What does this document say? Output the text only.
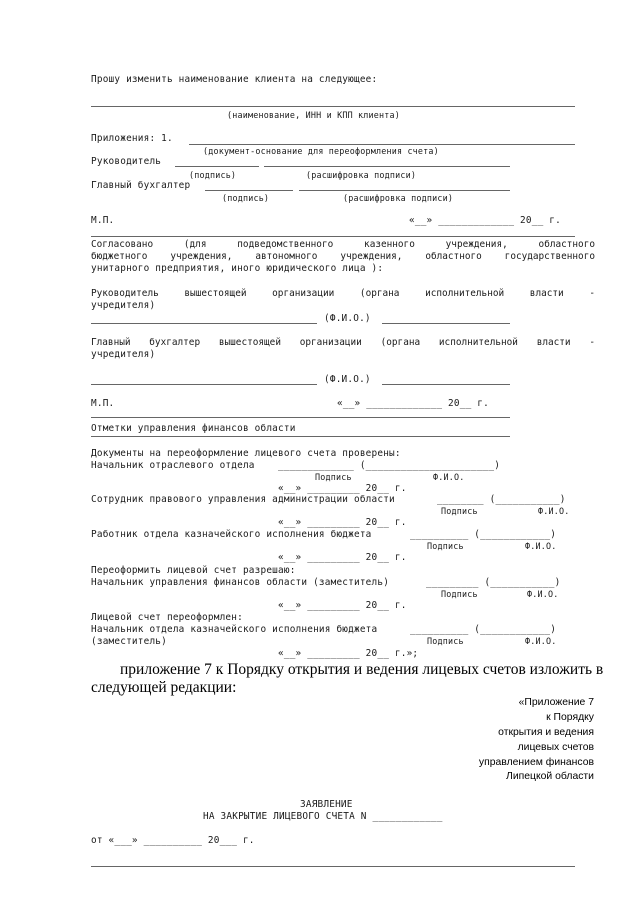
Прошу изменить наименование клиента на следующее:
(наименование, ИНН и КПП клиента)
Приложения: 1.
(документ-основание для переоформления счета)
Руководитель
(подпись)	(расшифровка подписи)
Главный бухгалтер
(подпись)	(расшифровка подписи)
М.П.	«__» _____________ 20__ г.
Согласовано (для подведомственного казенного учреждения, областного
бюджетного учреждения, автономного учреждения, областного государственного
унитарного предприятия, иного юридического лица ):
Руководитель вышестоящей организации (органа исполнительной власти -
учредителя)
(Ф.И.О.)
Главный бухгалтер вышестоящей организации (органа исполнительной власти -
учредителя)
(Ф.И.О.)
М.П.	«__» _____________ 20__ г.
Отметки управления финансов области
Документы на переоформление лицевого счета проверены:
Начальник отраслевого отдела _____________ (______________________)
Подпись	Ф.И.О.
«__» _________ 20__ г.
Сотрудник правового управления администрации области	________ (___________)
Подпись	Ф.И.О.
«__» _________ 20__ г.
Работник отдела казначейского исполнения бюджета	__________ (____________)
Подпись	Ф.И.О.
«__» _________ 20__ г.
Переоформить лицевой счет разрешаю:
Начальник управления финансов области (заместитель)	_________ (___________)
Подпись	Ф.И.О.
«__» _________ 20__ г.
Лицевой счет переоформлен:
Начальник отдела казначейского исполнения бюджета	__________ (____________)
(заместитель)	Подпись	Ф.И.О.
«__» _________ 20__ г.»;
приложение 7 к Порядку открытия и ведения лицевых счетов изложить в
следующей редакции:
«Приложение 7
к Порядку
открытия и ведения
лицевых счетов
управлением финансов
Липецкой области
ЗАЯВЛЕНИЕ
НА ЗАКРЫТИЕ ЛИЦЕВОГО СЧЕТА N ____________
от «___» __________ 20___ г.
